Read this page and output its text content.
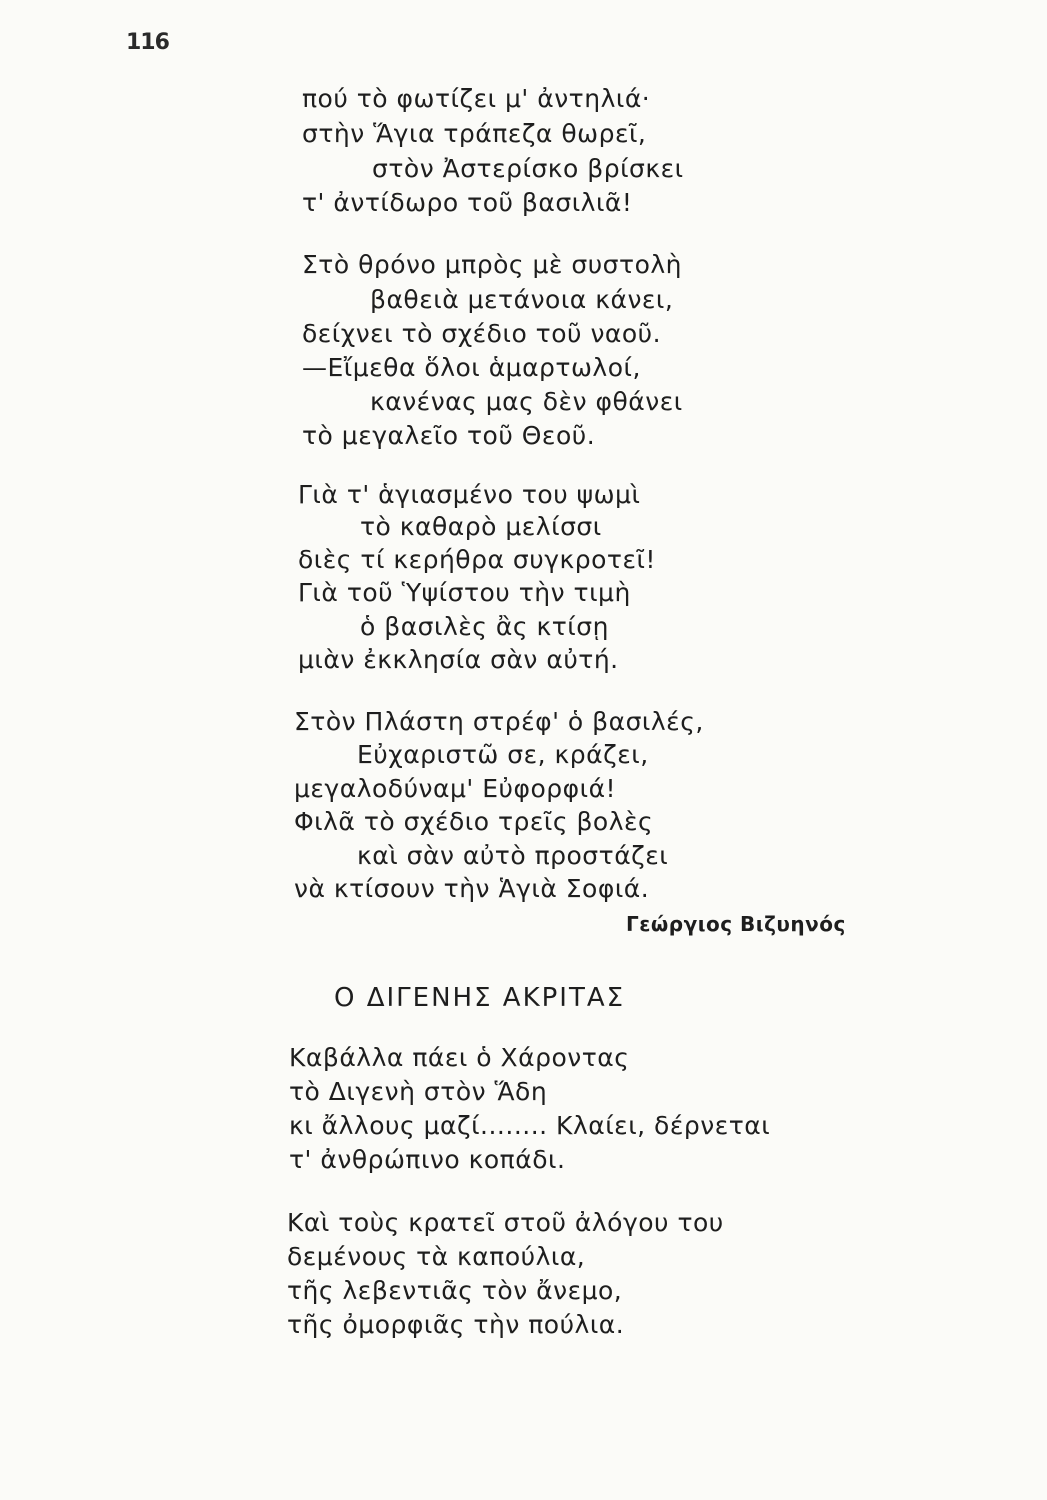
116
πού τὸ φωτίζει μ' ἀντηλιά·
στὴν Ἅγια τράπεζα θωρεῖ,
στὸν Ἀστερίσκο βρίσκει
τ' ἀντίδωρο τοῦ βασιλιᾶ!
Στὸ θρόνο μπρὸς μὲ συστολὴ
βαθειὰ μετάνοια κάνει,
δείχνει τὸ σχέδιο τοῦ ναοῦ.
—Εἴμεθα ὅλοι ἁμαρτωλοί,
κανένας μας δὲν φθάνει
τὸ μεγαλεῖο τοῦ Θεοῦ.
Γιὰ τ' ἁγιασμένο του ψωμὶ
τὸ καθαρὸ μελίσσι
διὲς τί κερήθρα συγκροτεῖ!
Γιὰ τοῦ Ὑψίστου τὴν τιμὴ
ὁ βασιλὲς ἂς κτίσῃ
μιὰν ἐκκλησία σὰν αὐτή.
Στὸν Πλάστη στρέφ' ὁ βασιλές,
Εὐχαριστῶ σε, κράζει,
μεγαλοδύναμ' Εὐφορφιά!
Φιλᾶ τὸ σχέδιο τρεῖς βολὲς
καὶ σὰν αὐτὸ προστάζει
νὰ κτίσουν τὴν Ἁγιὰ Σοφιά.
Γεώργιος Βιζυηνός
Ο ΔΙΓΕΝΗΣ ΑΚΡΙΤΑΣ
Καβάλλα πάει ὁ Χάροντας
τὸ Διγενὴ στὸν Ἅδη
κι ἄλλους μαζί........ Κλαίει, δέρνεται
τ' ἀνθρώπινο κοπάδι.
Καὶ τοὺς κρατεῖ στοῦ ἀλόγου του
δεμένους τὰ καπούλια,
τῆς λεβεντιᾶς τὸν ἄνεμο,
τῆς ὀμορφιᾶς τὴν πούλια.
